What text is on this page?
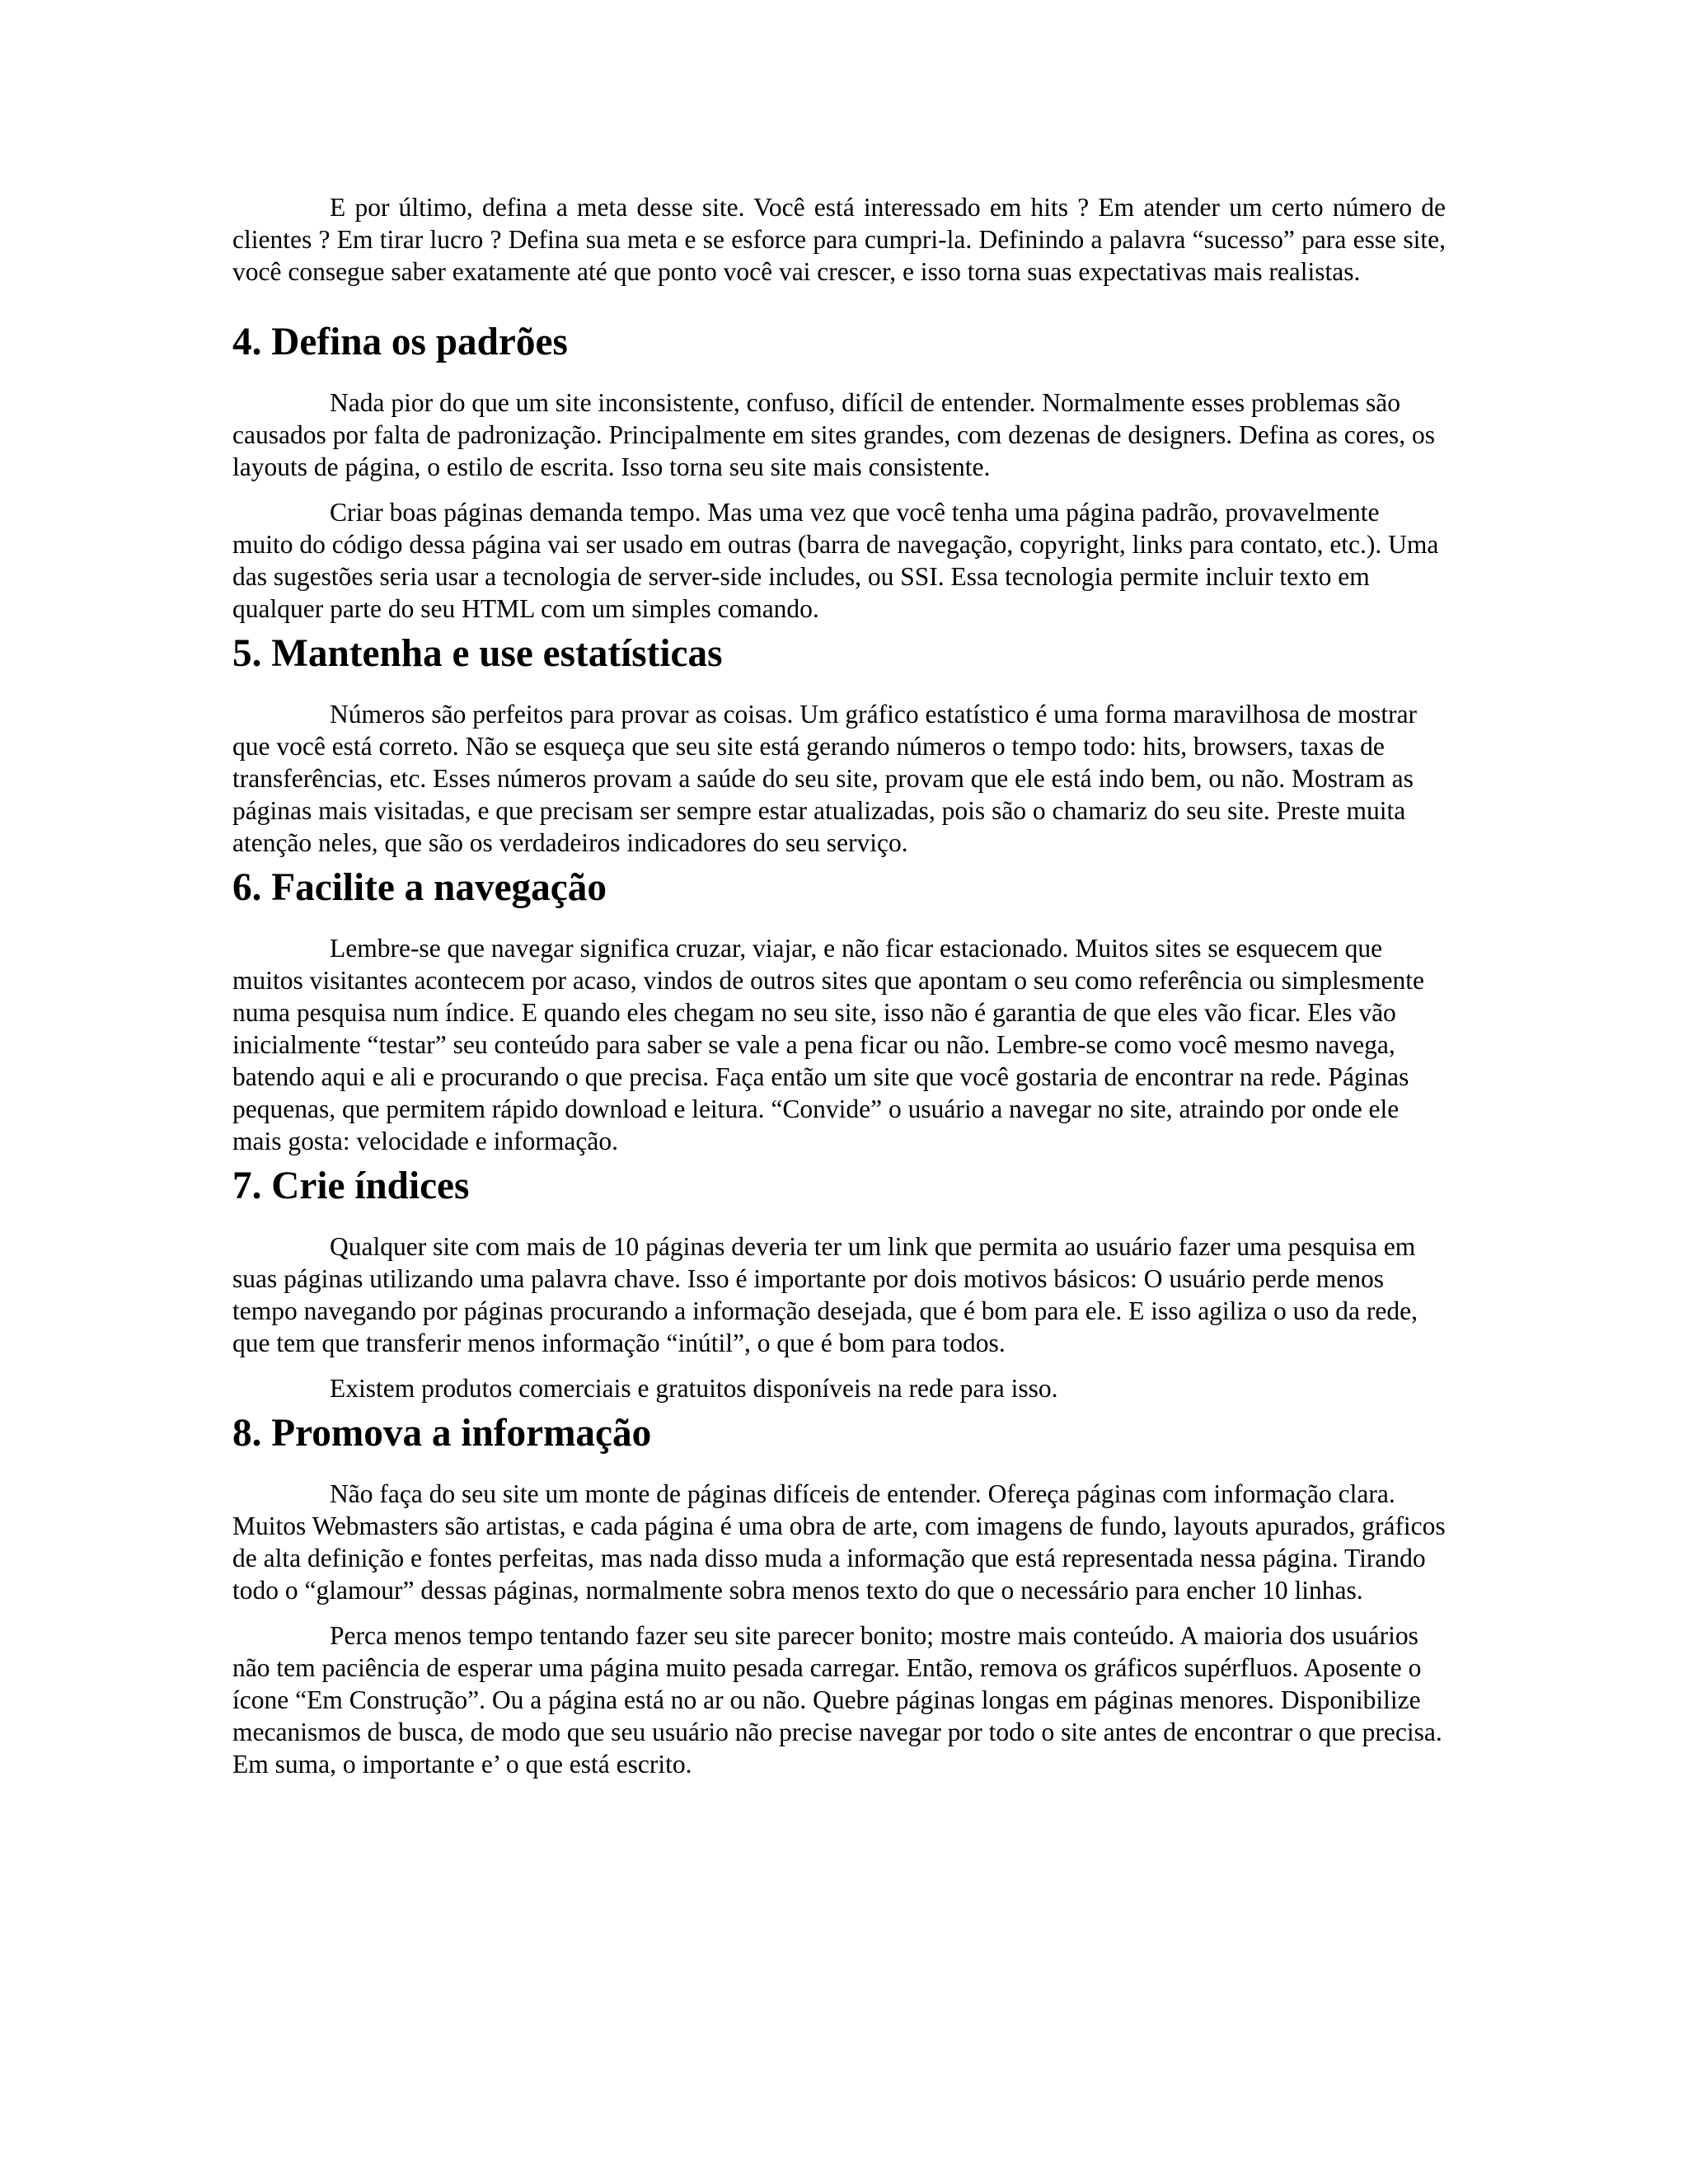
E por último, defina a meta desse site. Você está interessado em hits ? Em atender um certo número de clientes ? Em tirar lucro ? Defina sua meta e se esforce para cumpri-la. Definindo a palavra “sucesso” para esse site, você consegue saber exatamente até que ponto você vai crescer, e isso torna suas expectativas mais realistas.

4. Defina os padrões

Nada pior do que um site inconsistente, confuso, difícil de entender. Normalmente esses problemas são causados por falta de padronização. Principalmente em sites grandes, com dezenas de designers. Defina as cores, os layouts de página, o estilo de escrita. Isso torna seu site mais consistente.

Criar boas páginas demanda tempo. Mas uma vez que você tenha uma página padrão, provavelmente muito do código dessa página vai ser usado em outras (barra de navegação, copyright, links para contato, etc.). Uma das sugestões seria usar a tecnologia de server-side includes, ou SSI. Essa tecnologia permite incluir texto em qualquer parte do seu HTML com um simples comando.

5. Mantenha e use estatísticas

Números são perfeitos para provar as coisas. Um gráfico estatístico é uma forma maravilhosa de mostrar que você está correto. Não se esqueça que seu site está gerando números o tempo todo: hits, browsers, taxas de transferências, etc. Esses números provam a saúde do seu site, provam que ele está indo bem, ou não. Mostram as páginas mais visitadas, e que precisam ser sempre estar atualizadas, pois são o chamariz do seu site. Preste muita atenção neles, que são os verdadeiros indicadores do seu serviço.

6. Facilite a navegação

Lembre-se que navegar significa cruzar, viajar, e não ficar estacionado. Muitos sites se esquecem que muitos visitantes acontecem por acaso, vindos de outros sites que apontam o seu como referência ou simplesmente numa pesquisa num índice. E quando eles chegam no seu site, isso não é garantia de que eles vão ficar. Eles vão inicialmente “testar” seu conteúdo para saber se vale a pena ficar ou não. Lembre-se como você mesmo navega, batendo aqui e ali e procurando o que precisa. Faça então um site que você gostaria de encontrar na rede. Páginas pequenas, que permitem rápido download e leitura. “Convide” o usuário a navegar no site, atraindo por onde ele mais gosta: velocidade e informação.

7. Crie índices

Qualquer site com mais de 10 páginas deveria ter um link que permita ao usuário fazer uma pesquisa em suas páginas utilizando uma palavra chave. Isso é importante por dois motivos básicos: O usuário perde menos tempo navegando por páginas procurando a informação desejada, que é bom para ele. E isso agiliza o uso da rede, que tem que transferir menos informação “inútil”, o que é bom para todos.

Existem produtos comerciais e gratuitos disponíveis na rede para isso.

8. Promova a informação

Não faça do seu site um monte de páginas difíceis de entender. Ofereça páginas com informação clara. Muitos Webmasters são artistas, e cada página é uma obra de arte, com imagens de fundo, layouts apurados, gráficos de alta definição e fontes perfeitas, mas nada disso muda a informação que está representada nessa página. Tirando todo o “glamour” dessas páginas, normalmente sobra menos texto do que o necessário para encher 10 linhas.

Perca menos tempo tentando fazer seu site parecer bonito; mostre mais conteúdo. A maioria dos usuários não tem paciência de esperar uma página muito pesada carregar. Então, remova os gráficos supérfluos. Aposente o ícone “Em Construção”. Ou a página está no ar ou não. Quebre páginas longas em páginas menores. Disponibilize mecanismos de busca, de modo que seu usuário não precise navegar por todo o site antes de encontrar o que precisa. Em suma, o importante e’ o que está escrito.
